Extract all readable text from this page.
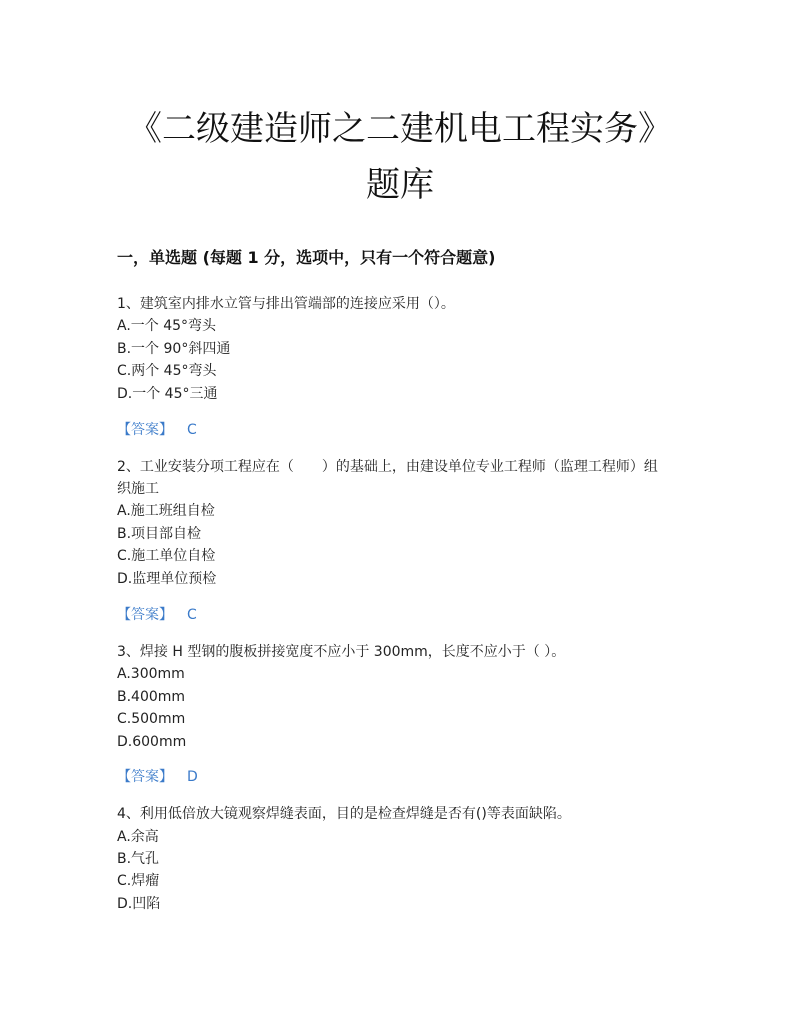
《二级建造师之二建机电工程实务》
题库
一，单选题 (每题 1 分，选项中，只有一个符合题意)
1、建筑室内排水立管与排出管端部的连接应采用（）。
A.一个 45°弯头
B.一个 90°斜四通
C.两个 45°弯头
D.一个 45°三通
【答案】 C
2、工业安装分项工程应在（　　）的基础上，由建设单位专业工程师（监理工程师）组
织施工
A.施工班组自检
B.项目部自检
C.施工单位自检
D.监理单位预检
【答案】 C
3、焊接 H 型钢的腹板拼接宽度不应小于 300mm，长度不应小于（ ）。
A.300mm
B.400mm
C.500mm
D.600mm
【答案】 D
4、利用低倍放大镜观察焊缝表面，目的是检查焊缝是否有()等表面缺陷。
A.余高
B.气孔
C.焊瘤
D.凹陷
